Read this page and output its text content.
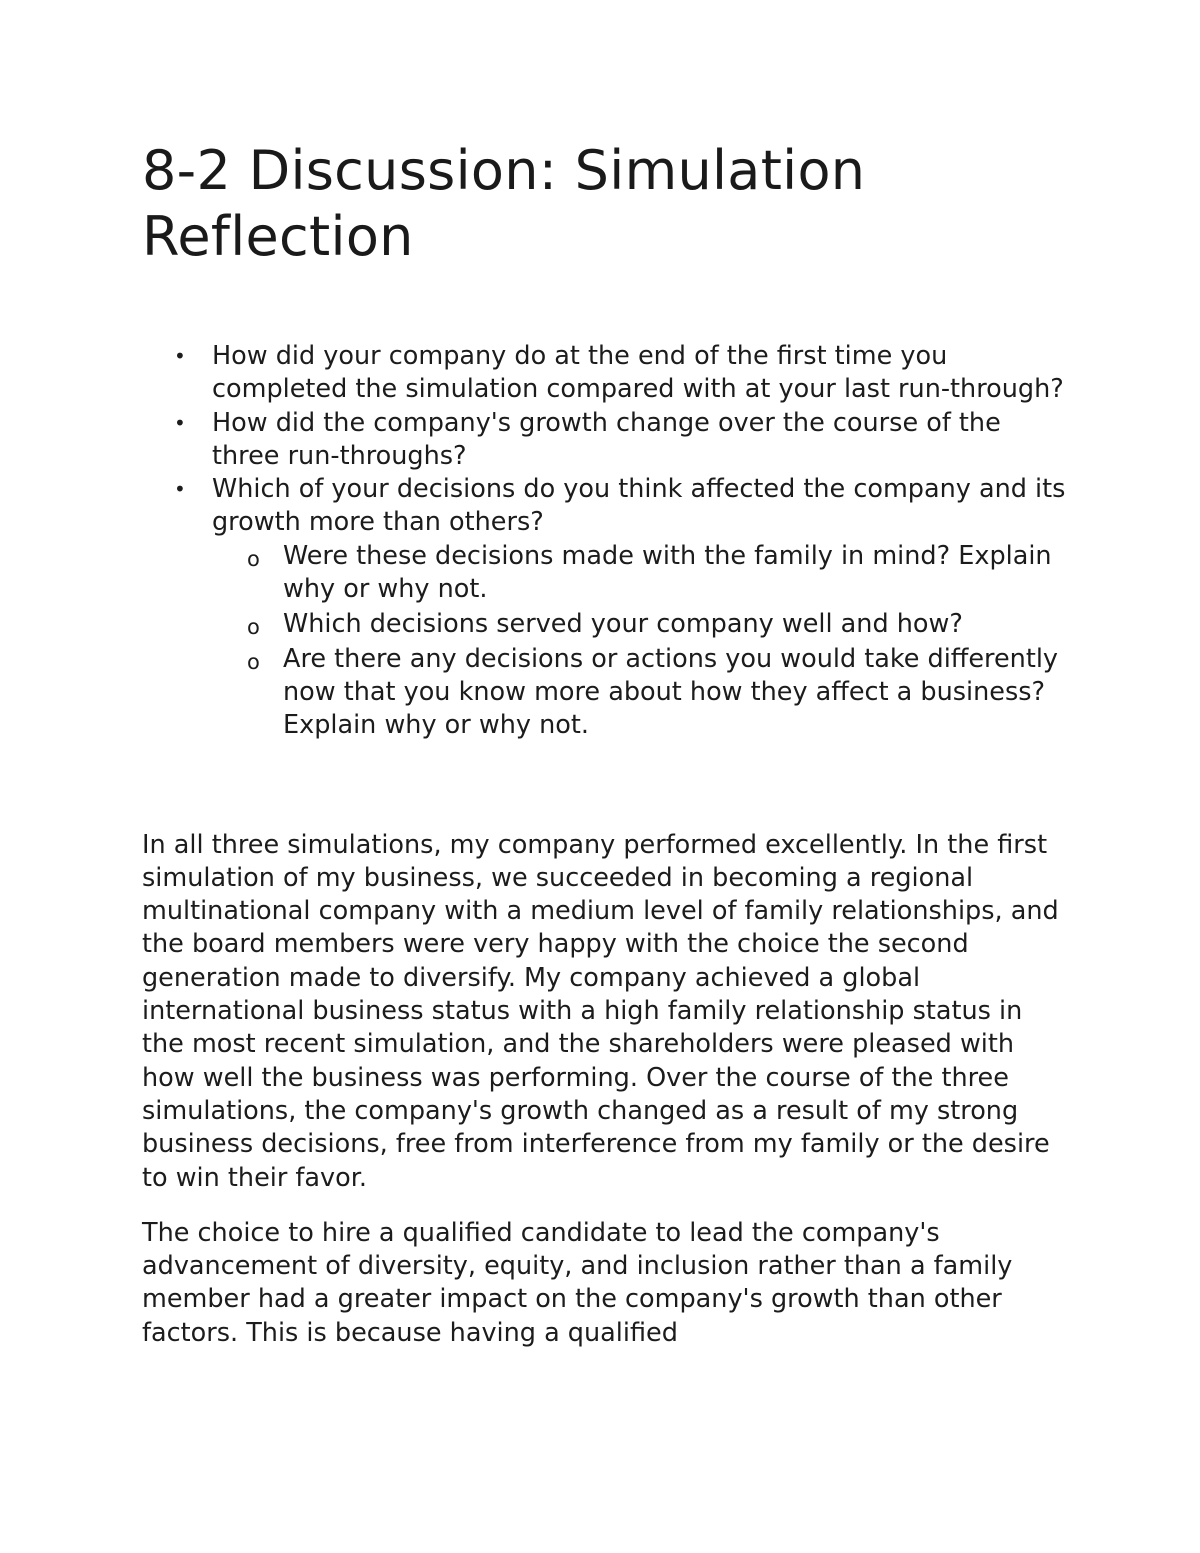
8-2 Discussion: Simulation Reflection
• How did your company do at the end of the first time you completed the simulation compared with at your last run-through?
• How did the company's growth change over the course of the three run-throughs?
• Which of your decisions do you think affected the company and its growth more than others?
o Were these decisions made with the family in mind? Explain why or why not.
o Which decisions served your company well and how?
o Are there any decisions or actions you would take differently now that you know more about how they affect a business? Explain why or why not.

In all three simulations, my company performed excellently. In the first simulation of my business, we succeeded in becoming a regional multinational company with a medium level of family relationships, and the board members were very happy with the choice the second generation made to diversify. My company achieved a global international business status with a high family relationship status in the most recent simulation, and the shareholders were pleased with how well the business was performing. Over the course of the three simulations, the company's growth changed as a result of my strong business decisions, free from interference from my family or the desire to win their favor.

The choice to hire a qualified candidate to lead the company's advancement of diversity, equity, and inclusion rather than a family member had a greater impact on the company's growth than other factors. This is because having a qualified
